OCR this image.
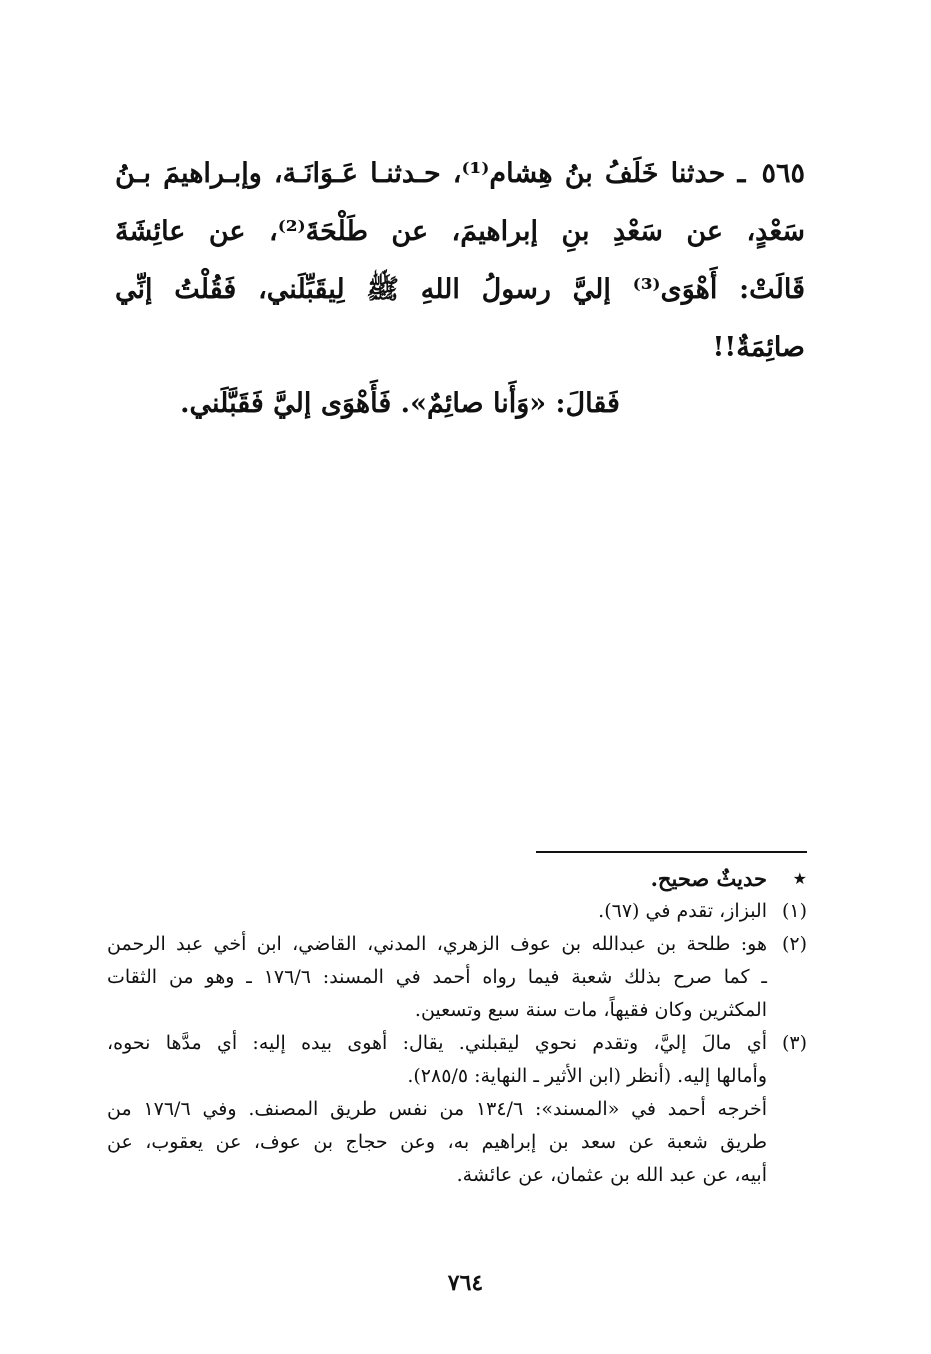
٥٦٥ ـ حدثنا خَلَفُ بنُ هِشام⁽¹⁾، حـدثنـا عَـوَانَـة، وإبـراهيمَ بـنُ
سَعْدٍ، عن سَعْدِ بنِ إبراهيمَ، عن طَلْحَةَ⁽²⁾، عن عائِشَةَ
قَالَتْ: أَهْوَى⁽³⁾ إليَّ رسولُ اللهِ ﷺ لِيقَبِّلَني، فَقُلْتُ إنِّي
صائِمَةٌ!!
فَقالَ: «وَأَنا صائِمٌ». فَأَهْوَى إليَّ فَقَبَّلَني.
★
حديثٌ صحيح.
(١)
البزاز، تقدم في (٦٧).
(٢)
هو: طلحة بن عبدالله بن عوف الزهري، المدني، القاضي، ابن أخي عبد الرحمن
ـ كما صرح بذلك شعبة فيما رواه أحمد في المسند: ١٧٦/٦ ـ وهو من الثقات
المكثرين وكان فقيهاً، مات سنة سبع وتسعين.
(٣)
أي مالَ إليَّ، وتقدم نحوي ليقبلني. يقال: أهوى بيده إليه: أي مدَّها نحوه،
وأمالها إليه. (أنظر (ابن الأثير ـ النهاية: ٢٨٥/٥).
أخرجه أحمد في «المسند»: ١٣٤/٦ من نفس طريق المصنف. وفي ١٧٦/٦ من
طريق شعبة عن سعد بن إبراهيم به، وعن حجاج بن عوف، عن يعقوب، عن
أبيه، عن عبد الله بن عثمان، عن عائشة.
٧٦٤
